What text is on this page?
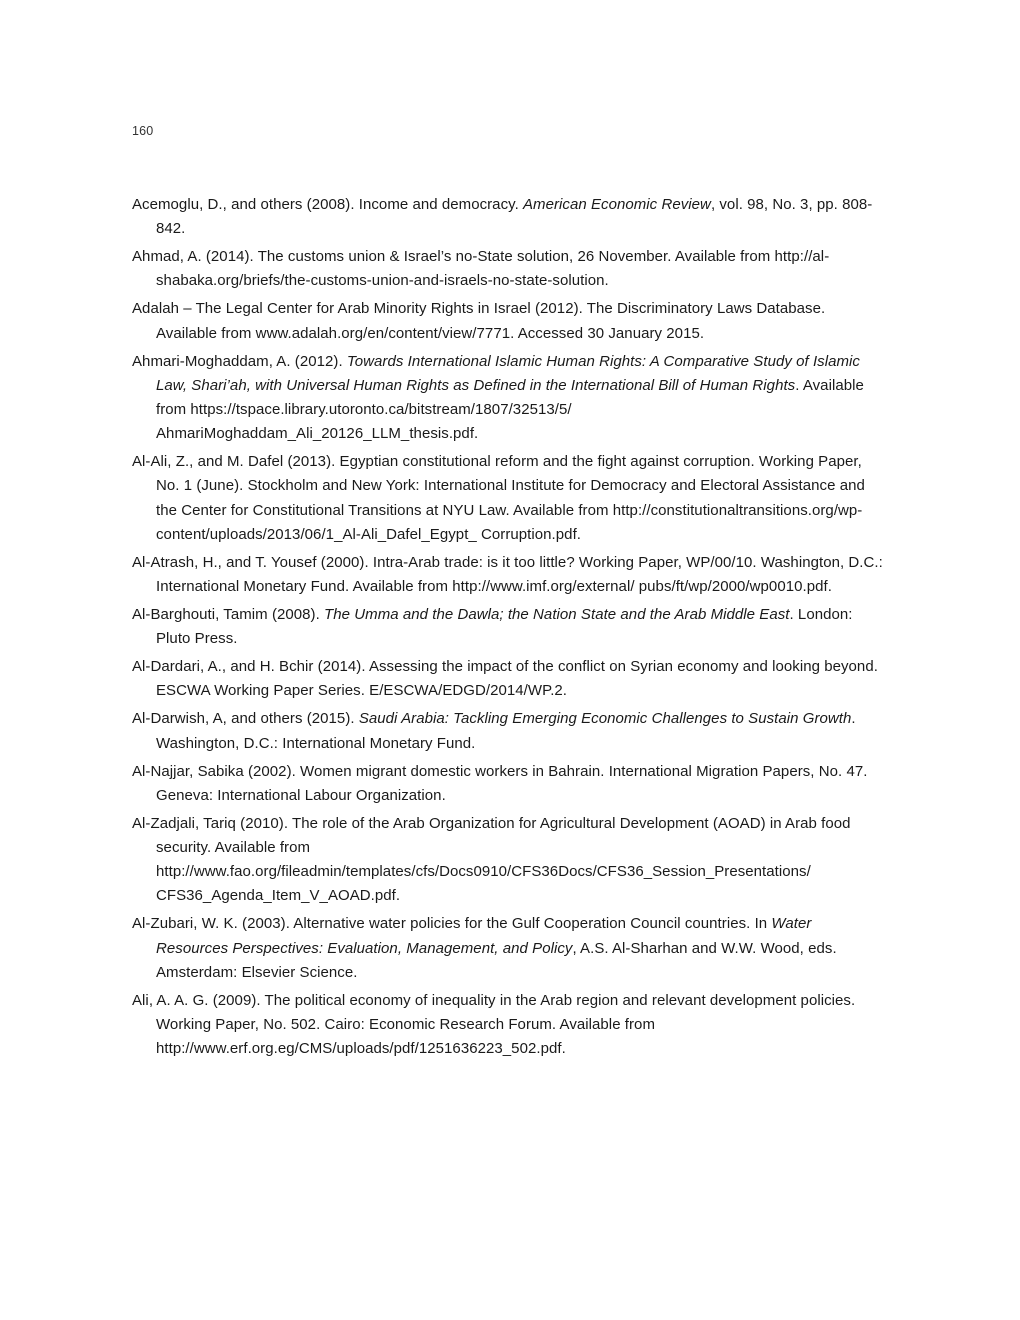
160
Acemoglu, D., and others (2008). Income and democracy. American Economic Review, vol. 98, No. 3, pp. 808-842.
Ahmad, A. (2014). The customs union & Israel’s no-State solution, 26 November. Available from http://al-shabaka.org/briefs/the-customs-union-and-israels-no-state-solution.
Adalah – The Legal Center for Arab Minority Rights in Israel (2012). The Discriminatory Laws Database. Available from www.adalah.org/en/content/view/7771. Accessed 30 January 2015.
Ahmari-Moghaddam, A. (2012). Towards International Islamic Human Rights: A Comparative Study of Islamic Law, Shari’ah, with Universal Human Rights as Defined in the International Bill of Human Rights. Available from https://tspace.library.utoronto.ca/bitstream/1807/32513/5/ AhmariMoghaddam_Ali_20126_LLM_thesis.pdf.
Al-Ali, Z., and M. Dafel (2013). Egyptian constitutional reform and the fight against corruption. Working Paper, No. 1 (June). Stockholm and New York: International Institute for Democracy and Electoral Assistance and the Center for Constitutional Transitions at NYU Law. Available from http://constitutionaltransitions.org/wp-content/uploads/2013/06/1_Al-Ali_Dafel_Egypt_ Corruption.pdf.
Al-Atrash, H., and T. Yousef (2000). Intra-Arab trade: is it too little? Working Paper, WP/00/10. Washington, D.C.: International Monetary Fund. Available from http://www.imf.org/external/ pubs/ft/wp/2000/wp0010.pdf.
Al-Barghouti, Tamim (2008). The Umma and the Dawla; the Nation State and the Arab Middle East. London: Pluto Press.
Al-Dardari, A., and H. Bchir (2014). Assessing the impact of the conflict on Syrian economy and looking beyond. ESCWA Working Paper Series. E/ESCWA/EDGD/2014/WP.2.
Al-Darwish, A, and others (2015). Saudi Arabia: Tackling Emerging Economic Challenges to Sustain Growth. Washington, D.C.: International Monetary Fund.
Al-Najjar, Sabika (2002). Women migrant domestic workers in Bahrain. International Migration Papers, No. 47. Geneva: International Labour Organization.
Al-Zadjali, Tariq (2010). The role of the Arab Organization for Agricultural Development (AOAD) in Arab food security. Available from http://www.fao.org/fileadmin/templates/cfs/Docs0910/CFS36Docs/CFS36_Session_Presentations/ CFS36_Agenda_Item_V_AOAD.pdf.
Al-Zubari, W. K. (2003). Alternative water policies for the Gulf Cooperation Council countries. In Water Resources Perspectives: Evaluation, Management, and Policy, A.S. Al-Sharhan and W.W. Wood, eds. Amsterdam: Elsevier Science.
Ali, A. A. G. (2009). The political economy of inequality in the Arab region and relevant development policies. Working Paper, No. 502. Cairo: Economic Research Forum. Available from http://www.erf.org.eg/CMS/uploads/pdf/1251636223_502.pdf.
